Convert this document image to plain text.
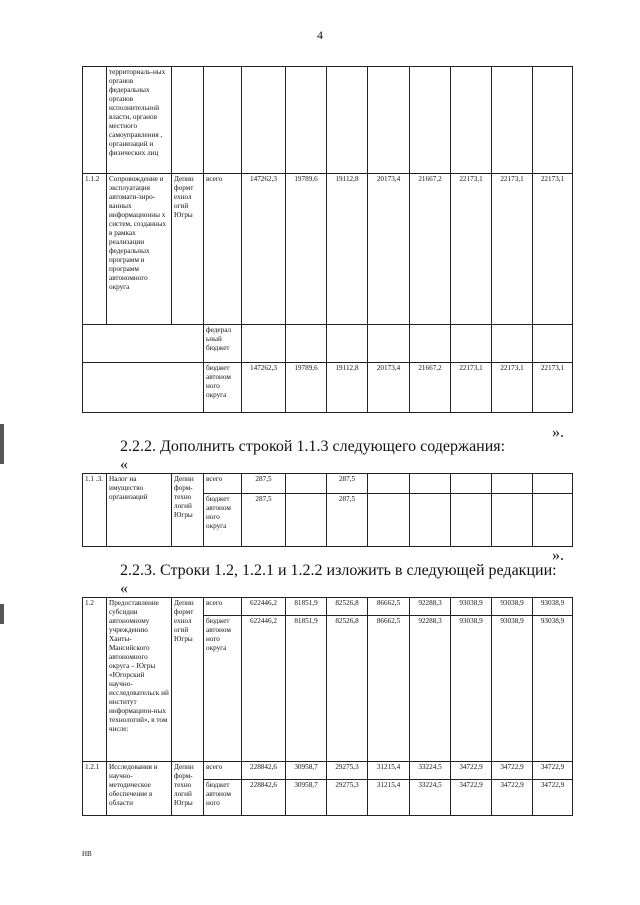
4
	территориаль-ных органов федеральных органов исполнительной власти, органов местного самоуправления , организаций и физических лиц										
1.1.2	Сопровождение и эксплуатация автомати-зиро-ванных информационны х систем, созданных в рамках реализации федеральных программ и программ автономного округа	Депин формт ехнол огий Югры	всего	147262,3	19789,6	19112,8	20173,4	21667,2	22173,1	22173,1	22173,1
			федерал ьный бюджет								
			бюджет автоном ного округа	147262,3	19789,6	19112,8	20173,4	21667,2	22173,1	22173,1	22173,1
».
2.2.2. Дополнить строкой 1.1.3 следующего содержания:
«
1.1 .3.	Налог на имущество организаций	Депин форм-техно логий Югры	всего	287,5		287,5					
			бюджет автоном ного округа	287,5		287,5					
».
2.2.3. Строки 1.2, 1.2.1 и 1.2.2 изложить в следующей редакции:
«
1.2	Предоставление субсидии автономному учреждению Ханты-Мансийского автономного округа – Югры «Югорский научно-исследовательск ий институт информацион-ных технологий», в том числе:	Депин формт ехнол огий Югры	всего	622446,2	81851,9	82526,8	86662,5	92288,3	93038,9	93038,9	93038,9
			бюджет автоном ного округа	622446,2	81851,9	82526,8	86662,5	92288,3	93038,9	93038,9	93038,9
1.2.1	Исследования и научно-методическое обеспечение в области	Депин форм-техно логий Югры	всего	228842,6	30958,7	29275,3	31215,4	33224,5	34722,9	34722,9	34722,9
			бюджет автоном ного	228842,6	30958,7	29275,3	31215,4	33224,5	34722,9	34722,9	34722,9
HB
